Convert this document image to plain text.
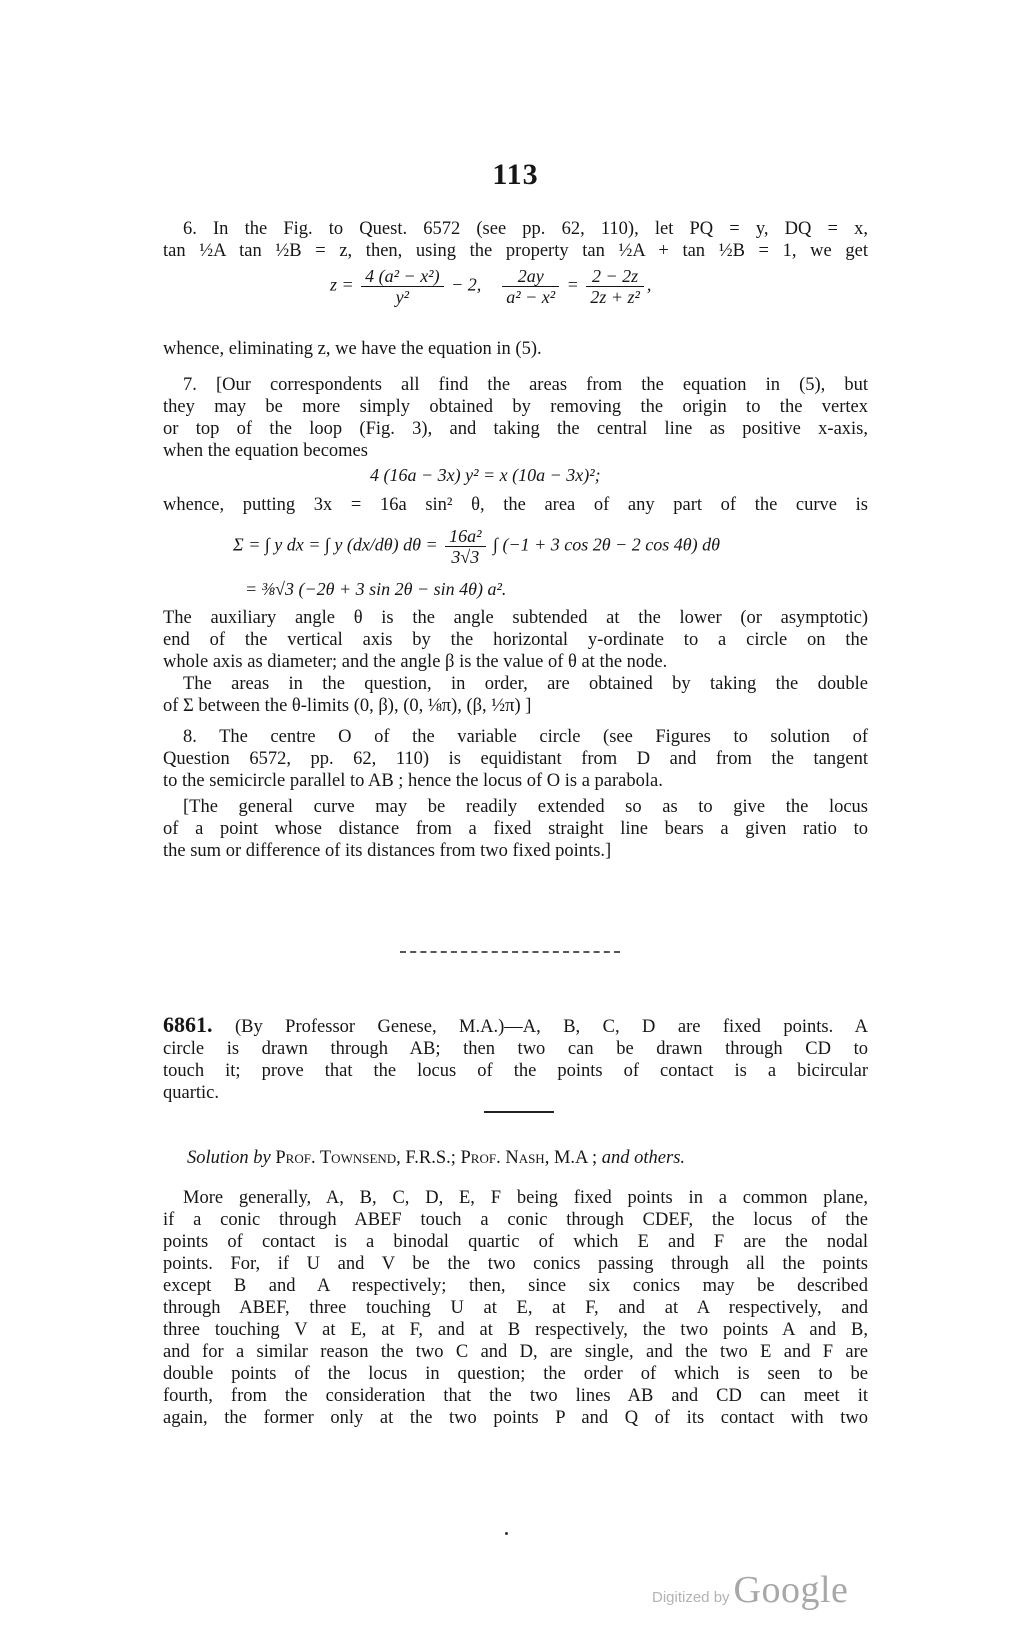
113
6. In the Fig. to Quest. 6572 (see pp. 62, 110), let PQ = y, DQ = x,
tan ½A tan ½B = z, then, using the property tan ½A + tan ½B = 1, we get
$z = \frac{\text{4 (a² − x²)}}{\text{y²}} - 2$, $\frac{2ay}{\text{a² − x²}} = \frac{2 - 2z}{\text{2z + z²}}$ ,
whence, eliminating z, we have the equation in (5).
7. [Our correspondents all find the areas from the equation in (5), but
they may be more simply obtained by removing the origin to the vertex
or top of the loop (Fig. 3), and taking the central line as positive x-axis,
when the equation becomes
4 (16a − 3x) y² = x (10a − 3x)²;
whence, putting 3x = 16a sin² θ, the area of any part of the curve is
Σ = ∫ y dx = ∫ y (dx/dθ) $d\theta = \frac{\text{16a²}}{3√3}$ ∫ (−1 + 3 cos 2θ − 2 cos 4θ) dθ
= ⅜√3 (−2θ + 3 sin 2θ − sin 4θ) a².
The auxiliary angle θ is the angle subtended at the lower (or asymptotic)
end of the vertical axis by the horizontal y-ordinate to a circle on the
whole axis as diameter; and the angle β is the value of θ at the node.
The areas in the question, in order, are obtained by taking the double
of Σ between the θ-limits (0, β), (0, ⅛π), (β, ½π) ]
8. The centre O of the variable circle (see Figures to solution of
Question 6572, pp. 62, 110) is equidistant from D and from the tangent
to the semicircle parallel to AB ; hence the locus of O is a parabola.
[The general curve may be readily extended so as to give the locus
of a point whose distance from a fixed straight line bears a given ratio to
the sum or difference of its distances from two fixed points.]
6861. (By Professor Genese, M.A.)—A, B, C, D are fixed points. A
circle is drawn through AB; then two can be drawn through CD to
touch it; prove that the locus of the points of contact is a bicircular
quartic.
Solution by Prof. Townsend, F.R.S.; Prof. Nash, M.A ; and others.
More generally, A, B, C, D, E, F being fixed points in a common plane,
if a conic through ABEF touch a conic through CDEF, the locus of the
points of contact is a binodal quartic of which E and F are the nodal
points. For, if U and V be the two conics passing through all the points
except B and A respectively; then, since six conics may be described
through ABEF, three touching U at E, at F, and at A respectively, and
three touching V at E, at F, and at B respectively, the two points A and B,
and for a similar reason the two C and D, are single, and the two E and F are
double points of the locus in question; the order of which is seen to be
fourth, from the consideration that the two lines AB and CD can meet it
again, the former only at the two points P and Q of its contact with two
Digitized by Google
